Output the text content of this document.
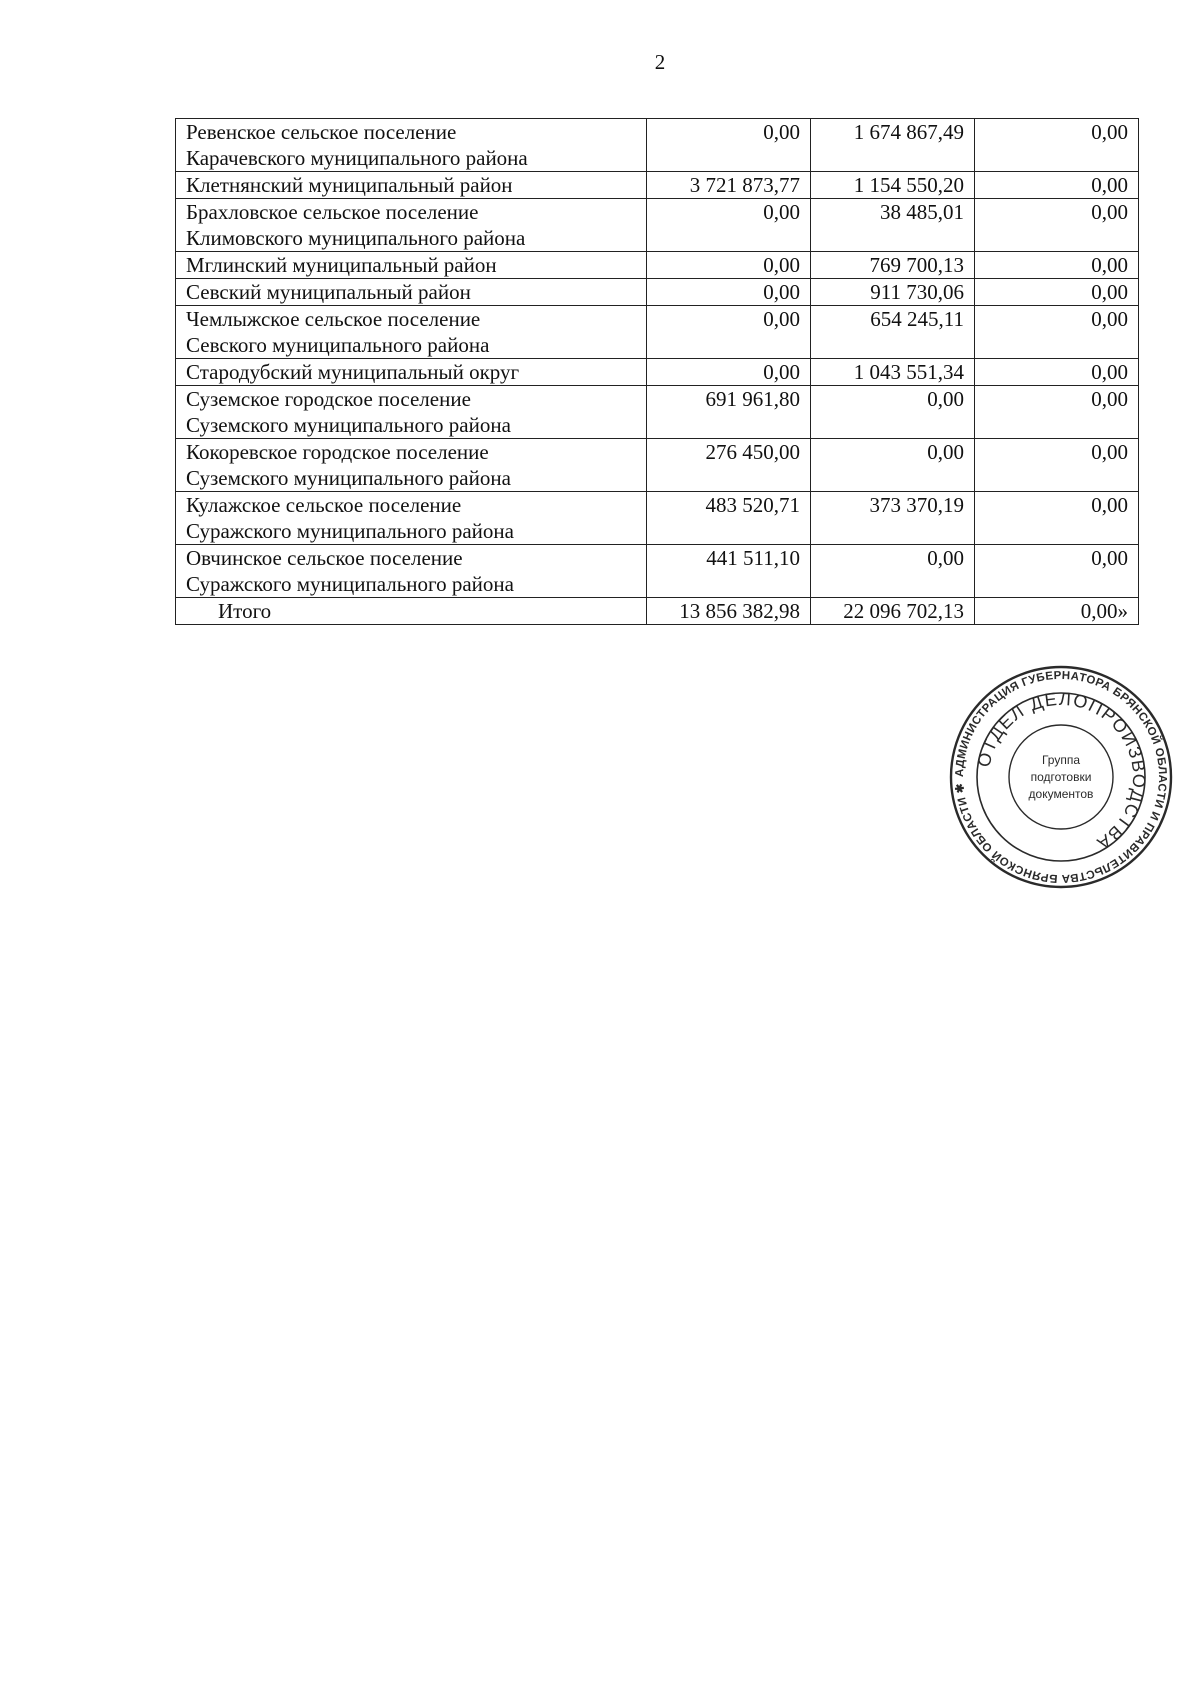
2
Ревенское сельское поселение
Карачевского муниципального района	0,00	1 674 867,49	0,00
Клетнянский муниципальный район	3 721 873,77	1 154 550,20	0,00
Брахловское сельское поселение
Климовского муниципального района	0,00	38 485,01	0,00
Мглинский муниципальный район	0,00	769 700,13	0,00
Севский муниципальный район	0,00	911 730,06	0,00
Чемлыжское сельское поселение
Севского муниципального района	0,00	654 245,11	0,00
Стародубский муниципальный округ	0,00	1 043 551,34	0,00
Суземское городское поселение
Суземского муниципального района	691 961,80	0,00	0,00
Кокоревское городское поселение
Суземского муниципального района	276 450,00	0,00	0,00
Кулажское сельское поселение
Суражского муниципального района	483 520,71	373 370,19	0,00
Овчинское сельское поселение
Суражского муниципального района	441 511,10	0,00	0,00
Итого	13 856 382,98	22 096 702,13	0,00»
АДМИНИСТРАЦИЯ ГУБЕРНАТОРА БРЯНСКОЙ ОБЛАСТИ И ПРАВИТЕЛЬСТВА БРЯНСКОЙ ОБЛАСТИ ✱
ОТДЕЛ ДЕЛОПРОИЗВОДСТВА
Группа
подготовки
документов
